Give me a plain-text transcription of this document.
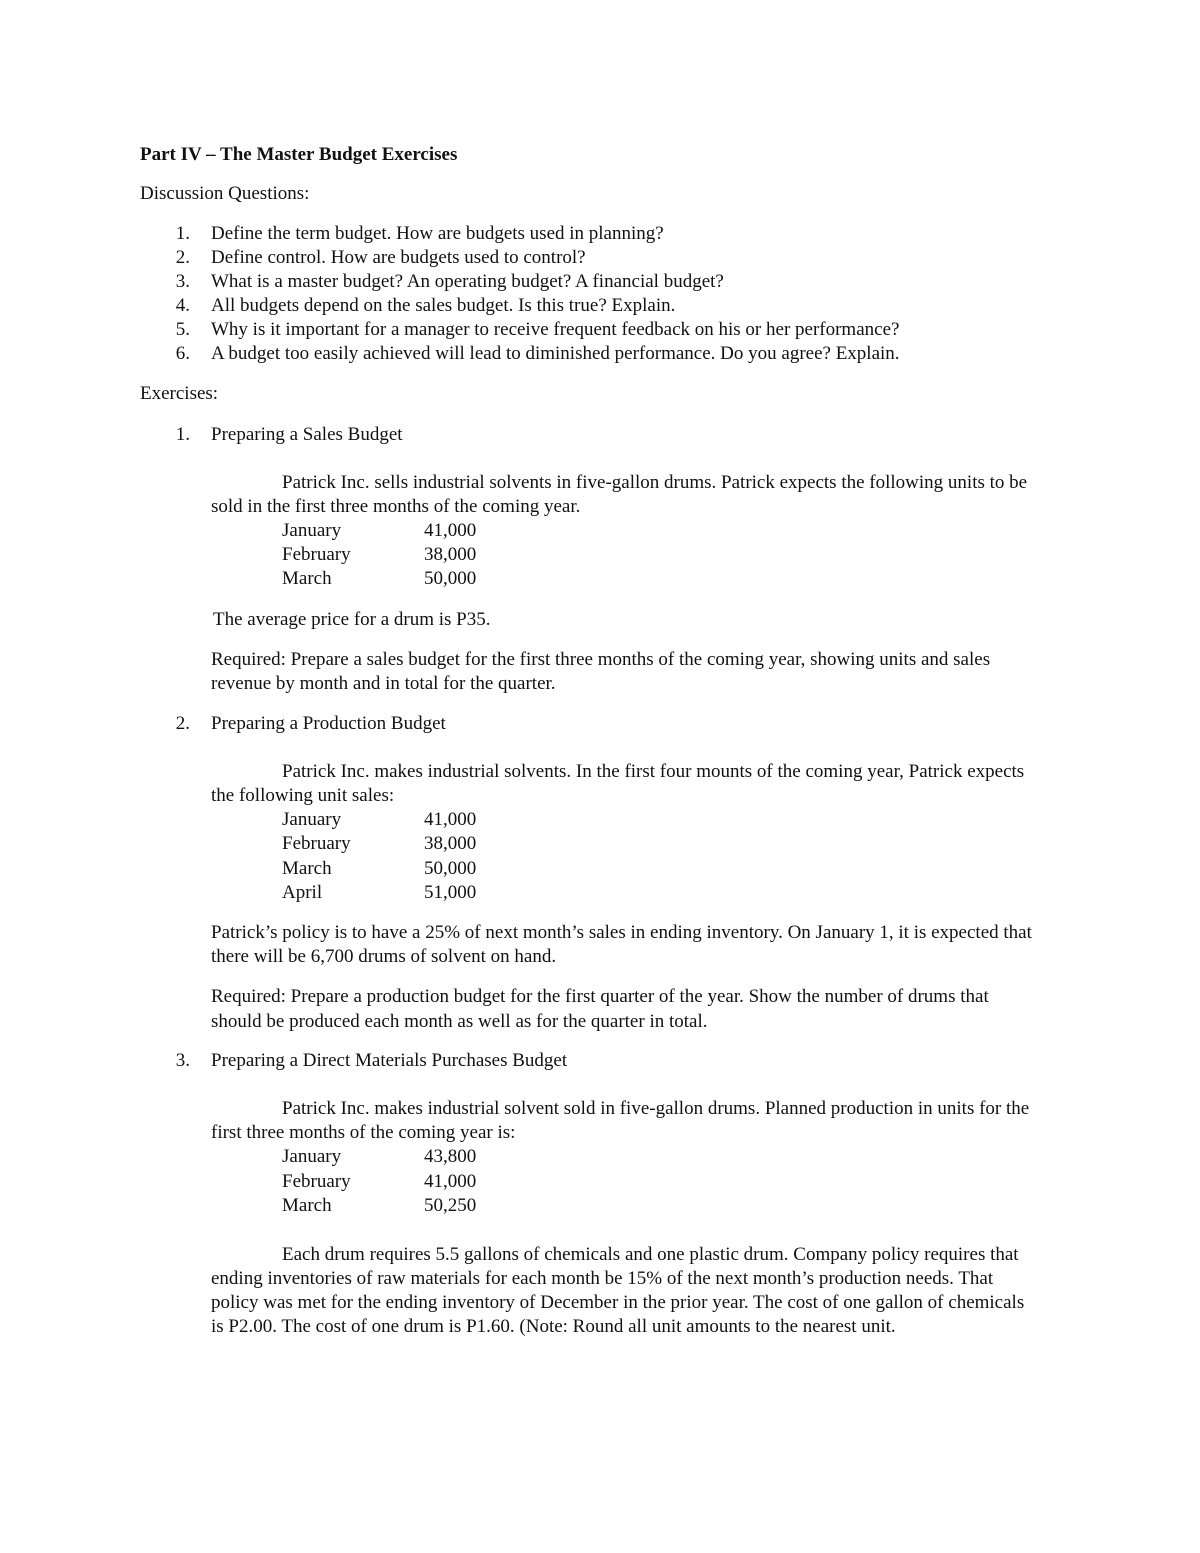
Part IV – The Master Budget Exercises
Discussion Questions:
1. Define the term budget. How are budgets used in planning?
2. Define control. How are budgets used to control?
3. What is a master budget? An operating budget? A financial budget?
4. All budgets depend on the sales budget. Is this true? Explain.
5. Why is it important for a manager to receive frequent feedback on his or her performance?
6. A budget too easily achieved will lead to diminished performance. Do you agree? Explain.
Exercises:
1. Preparing a Sales Budget
Patrick Inc. sells industrial solvents in five-gallon drums. Patrick expects the following units to be
sold in the first three months of the coming year.
January	41,000
February	38,000
March	50,000
The average price for a drum is P35.
Required: Prepare a sales budget for the first three months of the coming year, showing units and sales
revenue by month and in total for the quarter.
2. Preparing a Production Budget
Patrick Inc. makes industrial solvents. In the first four mounts of the coming year, Patrick expects
the following unit sales:
January	41,000
February	38,000
March	50,000
April	51,000
Patrick’s policy is to have a 25% of next month’s sales in ending inventory. On January 1, it is expected that
there will be 6,700 drums of solvent on hand.
Required: Prepare a production budget for the first quarter of the year. Show the number of drums that
should be produced each month as well as for the quarter in total.
3. Preparing a Direct Materials Purchases Budget
Patrick Inc. makes industrial solvent sold in five-gallon drums. Planned production in units for the
first three months of the coming year is:
January	43,800
February	41,000
March	50,250
Each drum requires 5.5 gallons of chemicals and one plastic drum. Company policy requires that
ending inventories of raw materials for each month be 15% of the next month’s production needs. That
policy was met for the ending inventory of December in the prior year. The cost of one gallon of chemicals
is P2.00. The cost of one drum is P1.60. (Note: Round all unit amounts to the nearest unit.
